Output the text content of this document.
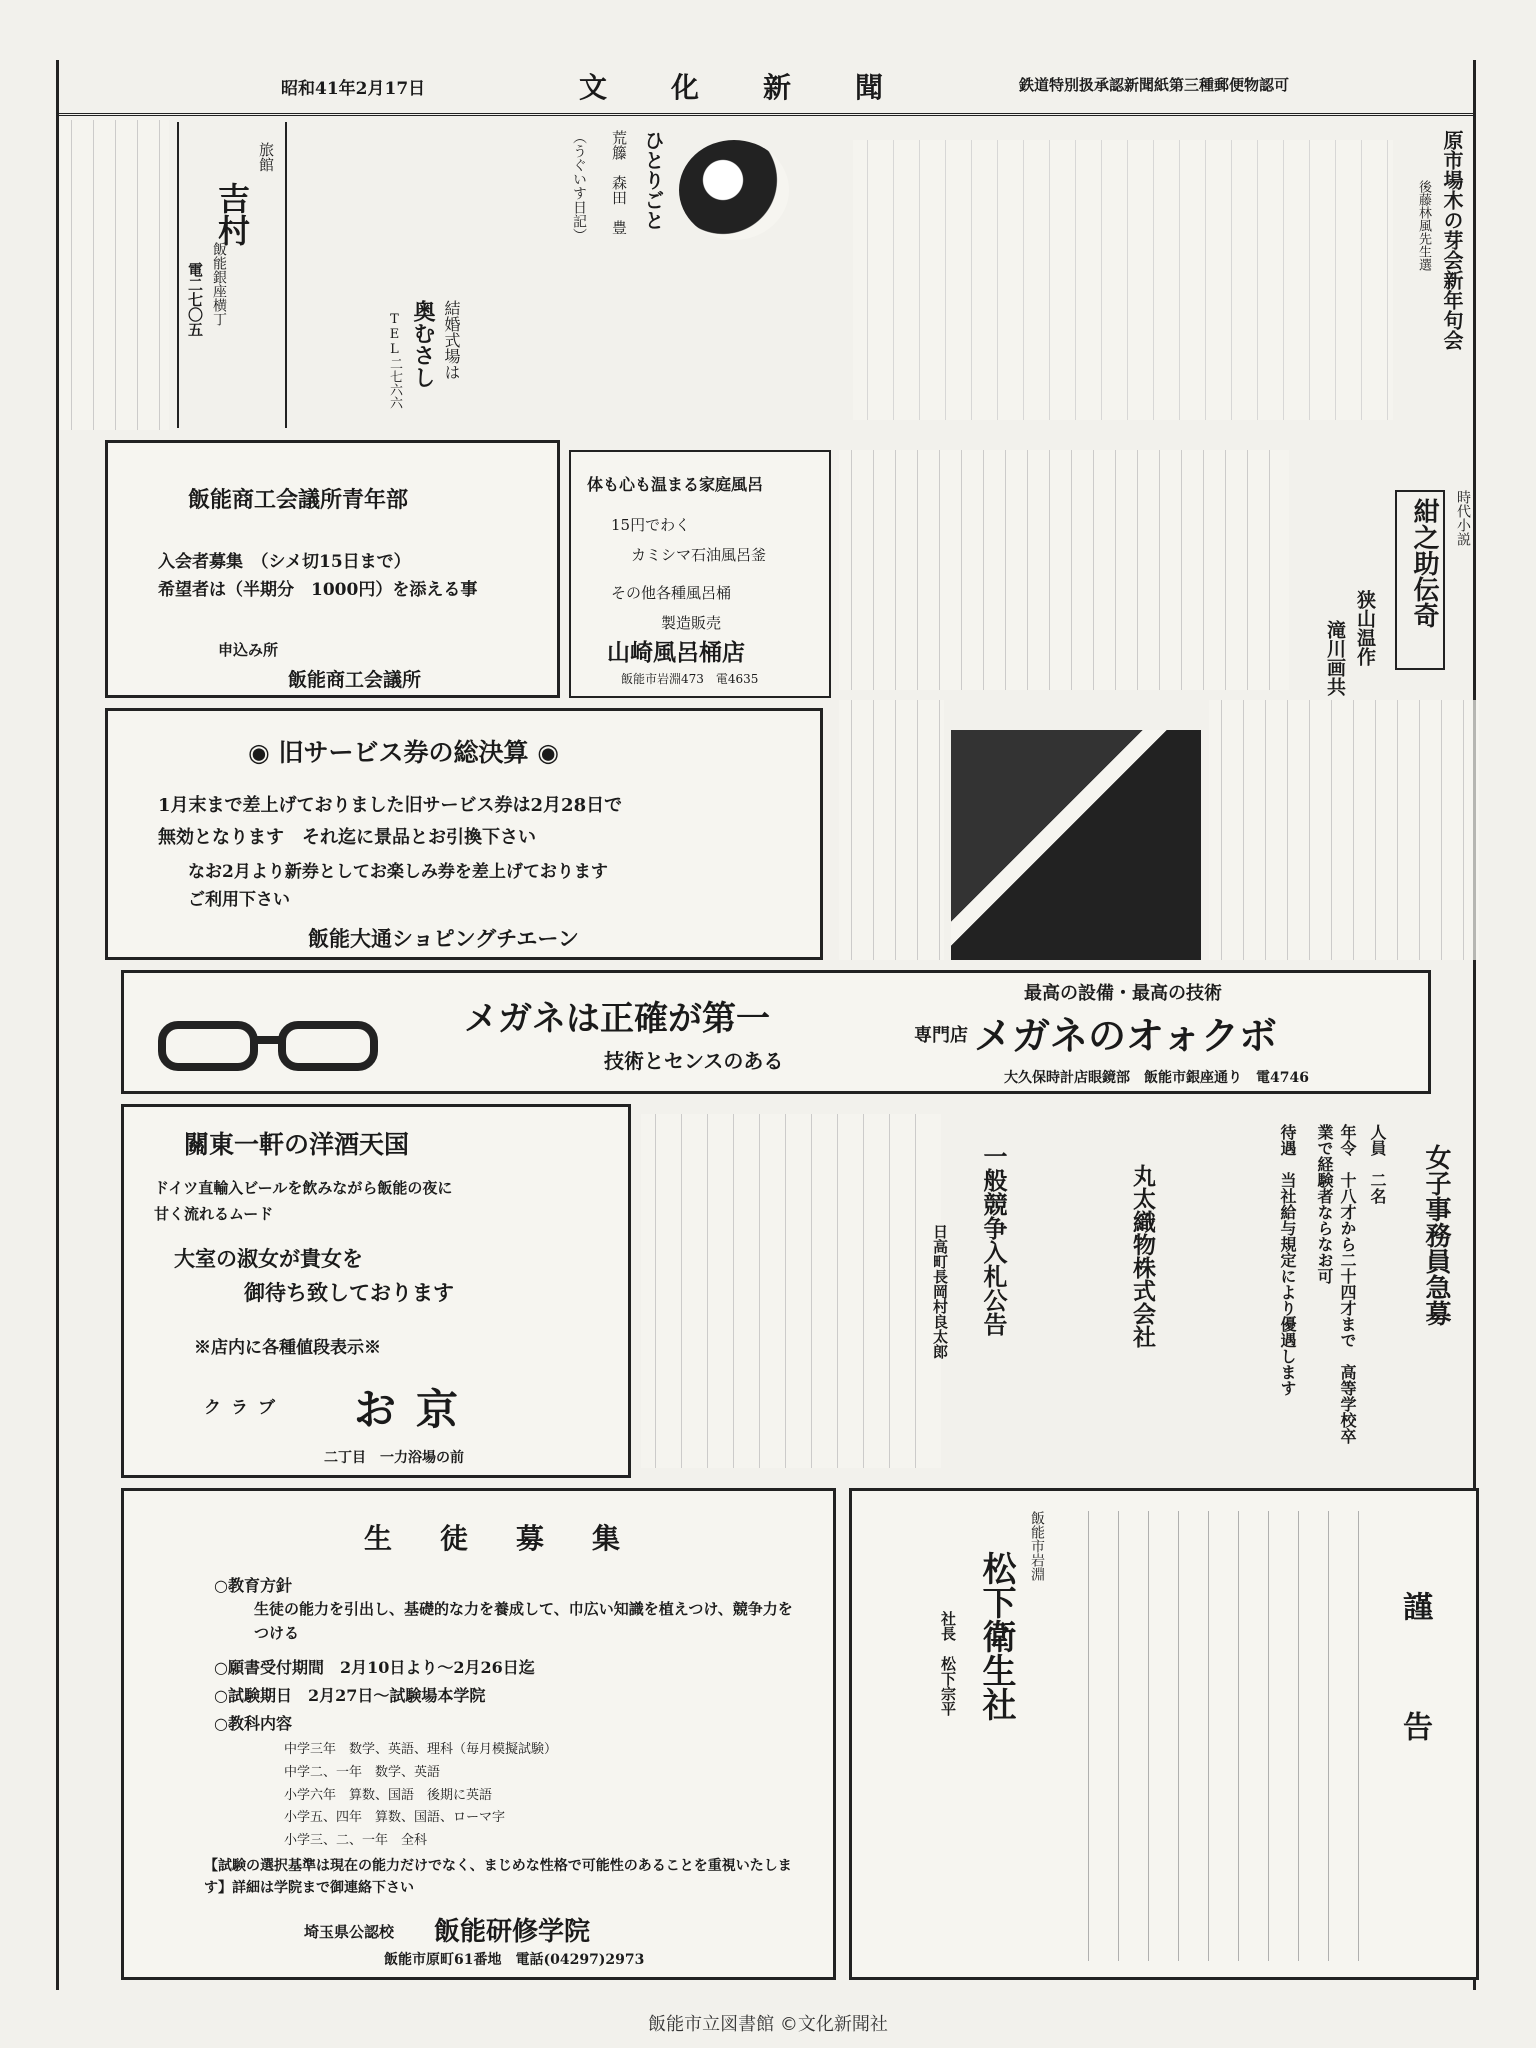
昭和41年2月17日	文　化　新　聞	鉄道特別扱承認新聞紙第三種郵便物認可
原市場木の芽会新年句会
後藤林風先生選
ひとりごと
荒籐　森田　豊
（うぐいす日記）
旅館
吉村
飯能銀座横丁
電二七〇五
結婚式場は
奥むさし
TEL二七六六
飯能商工会議所青年部
入会者募集　（シメ切15日まで）
希望者は（半期分　1000円）を添える事
申込み所
飯能商工会議所
体も心も温まる家庭風呂
15円でわく
カミシマ石油風呂釜
その他各種風呂桶
製造販売
山崎風呂桶店
飯能市岩淵473　電4635
時代小説
紺之助伝奇
狭山温作
滝川画共
◉ 旧サービス券の総決算 ◉
1月末まで差上げておりました旧サービス券は2月28日で
無効となります　それ迄に景品とお引換下さい
なお2月より新券としてお楽しみ券を差上げております
ご利用下さい
飯能大通ショピングチエーン
メガネは正確が第一
技術とセンスのある
最高の設備・最高の技術
専門店 メガネのオォクボ
大久保時計店眼鏡部　飯能市銀座通り　電4746
關東一軒の洋酒天国
ドイツ直輸入ビールを飲みながら飯能の夜に
甘く流れるムード
大室の淑女が貴女を
御待ち致しております
※店内に各種値段表示※
クラブ お京
二丁目　一力浴場の前
一般競争入札公告
日高町長岡村良太郎	女子事務員急募
人員　二名
年令　十八才から二十四才まで　高等学校卒業で経験者ならなお可
待遇　当社給与規定により優遇します
丸太織物株式会社
生　徒　募　集
○教育方針
生徒の能力を引出し、基礎的な力を養成して、巾広い知識を植えつけ、競争力をつける
○願書受付期間　2月10日より〜2月26日迄
○試験期日　2月27日〜試験場本学院
○教科内容
中学三年　数学、英語、理科（毎月模擬試験）
中学二、一年　数学、英語
小学六年　算数、国語　後期に英語
小学五、四年　算数、国語、ローマ字
小学三、二、一年　全科
【試験の選択基準は現在の能力だけでなく、まじめな性格で可能性のあることを重視いたします】詳細は学院まで御連絡下さい
埼玉県公認校 飯能研修学院
飯能市原町61番地　電話(04297)2973
謹　告
飯能市岩淵
松下衛生社
社長　松下宗平
飯能市立図書館 ©文化新聞社
